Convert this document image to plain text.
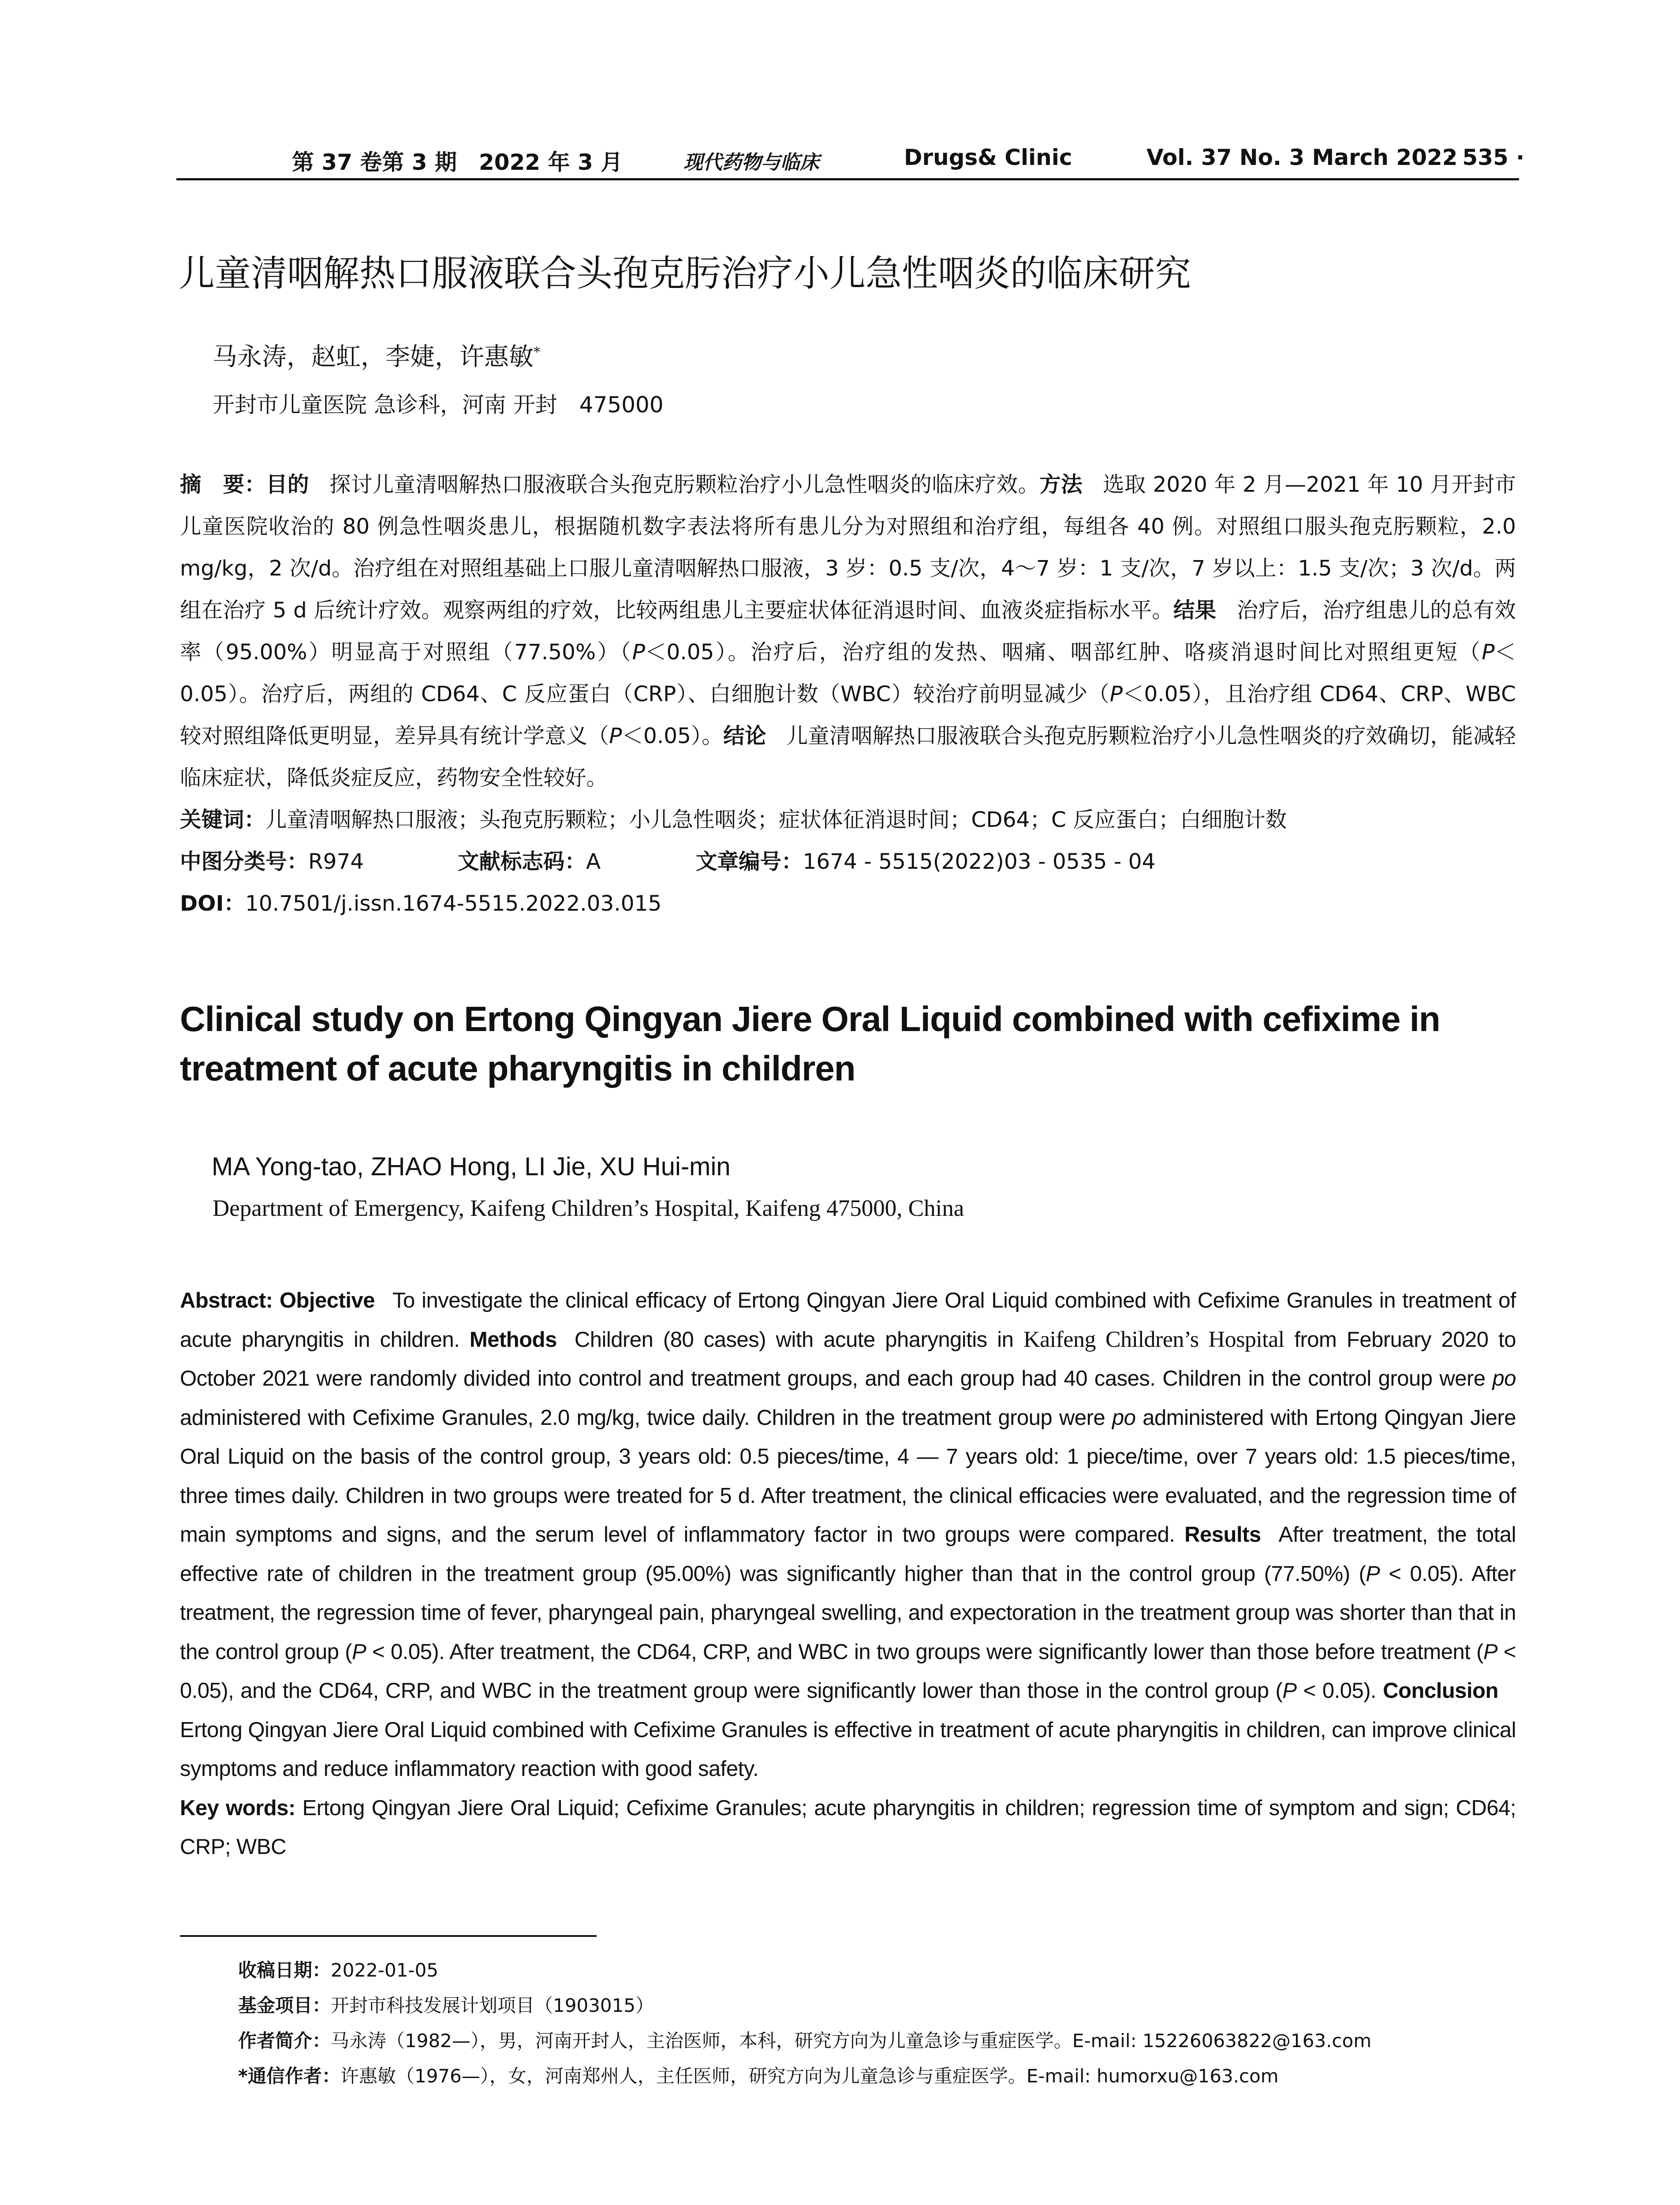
第 37 卷第 3 期　2022 年 3 月	现代药物与临床	Drugs& Clinic	Vol. 37 No. 3 March 2022
· 535 ·
儿童清咽解热口服液联合头孢克肟治疗小儿急性咽炎的临床研究
马永涛，赵虹，李婕，许惠敏*
开封市儿童医院 急诊科，河南 开封　475000

摘　要：目的 探讨儿童清咽解热口服液联合头孢克肟颗粒治疗小儿急性咽炎的临床疗效。方法 选取 2020 年 2 月—2021 年 10 月开封市儿童医院收治的 80 例急性咽炎患儿，根据随机数字表法将所有患儿分为对照组和治疗组，每组各 40 例。对照组口服头孢克肟颗粒，2.0 mg/kg，2 次/d。治疗组在对照组基础上口服儿童清咽解热口服液，3 岁：0.5 支/次，4～7 岁：1 支/次，7 岁以上：1.5 支/次；3 次/d。两组在治疗 5 d 后统计疗效。观察两组的疗效，比较两组患儿主要症状体征消退时间、血液炎症指标水平。结果 治疗后，治疗组患儿的总有效率（95.00%）明显高于对照组（77.50%）（P＜0.05）。治疗后，治疗组的发热、咽痛、咽部红肿、咯痰消退时间比对照组更短（P＜0.05）。治疗后，两组的 CD64、C 反应蛋白（CRP）、白细胞计数（WBC）较治疗前明显减少（P＜0.05），且治疗组 CD64、CRP、WBC 较对照组降低更明显，差异具有统计学意义（P＜0.05）。结论 儿童清咽解热口服液联合头孢克肟颗粒治疗小儿急性咽炎的疗效确切，能减轻临床症状，降低炎症反应，药物安全性较好。

关键词：儿童清咽解热口服液；头孢克肟颗粒；小儿急性咽炎；症状体征消退时间；CD64；C 反应蛋白；白细胞计数

中图分类号：R974	文献标志码：A	文章编号：1674 - 5515(2022)03 - 0535 - 04

DOI：10.7501/j.issn.1674-5515.2022.03.015

Clinical study on Ertong Qingyan Jiere Oral Liquid combined with cefixime in treatment of acute pharyngitis in children
MA Yong-tao, ZHAO Hong, LI Jie, XU Hui-min
Department of Emergency, Kaifeng Children’s Hospital, Kaifeng 475000, China

Abstract: Objective To investigate the clinical efficacy of Ertong Qingyan Jiere Oral Liquid combined with Cefixime Granules in treatment of acute pharyngitis in children. Methods Children (80 cases) with acute pharyngitis in Kaifeng Children’s Hospital from February 2020 to October 2021 were randomly divided into control and treatment groups, and each group had 40 cases. Children in the control group were po administered with Cefixime Granules, 2.0 mg/kg, twice daily. Children in the treatment group were po administered with Ertong Qingyan Jiere Oral Liquid on the basis of the control group, 3 years old: 0.5 pieces/time, 4 — 7 years old: 1 piece/time, over 7 years old: 1.5 pieces/time, three times daily. Children in two groups were treated for 5 d. After treatment, the clinical efficacies were evaluated, and the regression time of main symptoms and signs, and the serum level of inflammatory factor in two groups were compared. Results After treatment, the total effective rate of children in the treatment group (95.00%) was significantly higher than that in the control group (77.50%) (P < 0.05). After treatment, the regression time of fever, pharyngeal pain, pharyngeal swelling, and expectoration in the treatment group was shorter than that in the control group (P < 0.05). After treatment, the CD64, CRP, and WBC in two groups were significantly lower than those before treatment (P < 0.05), and the CD64, CRP, and WBC in the treatment group were significantly lower than those in the control group (P < 0.05). ConclusionErtong Qingyan Jiere Oral Liquid combined with Cefixime Granules is effective in treatment of acute pharyngitis in children, can improve clinical symptoms and reduce inflammatory reaction with good safety.

Key words: Ertong Qingyan Jiere Oral Liquid; Cefixime Granules; acute pharyngitis in children; regression time of symptom and sign; CD64; CRP; WBC

收稿日期：2022-01-05

基金项目：开封市科技发展计划项目（1903015）

作者简介：马永涛（1982—），男，河南开封人，主治医师，本科，研究方向为儿童急诊与重症医学。E-mail: 15226063822@163.com

*通信作者：许惠敏（1976—），女，河南郑州人，主任医师，研究方向为儿童急诊与重症医学。E-mail: humorxu@163.com
